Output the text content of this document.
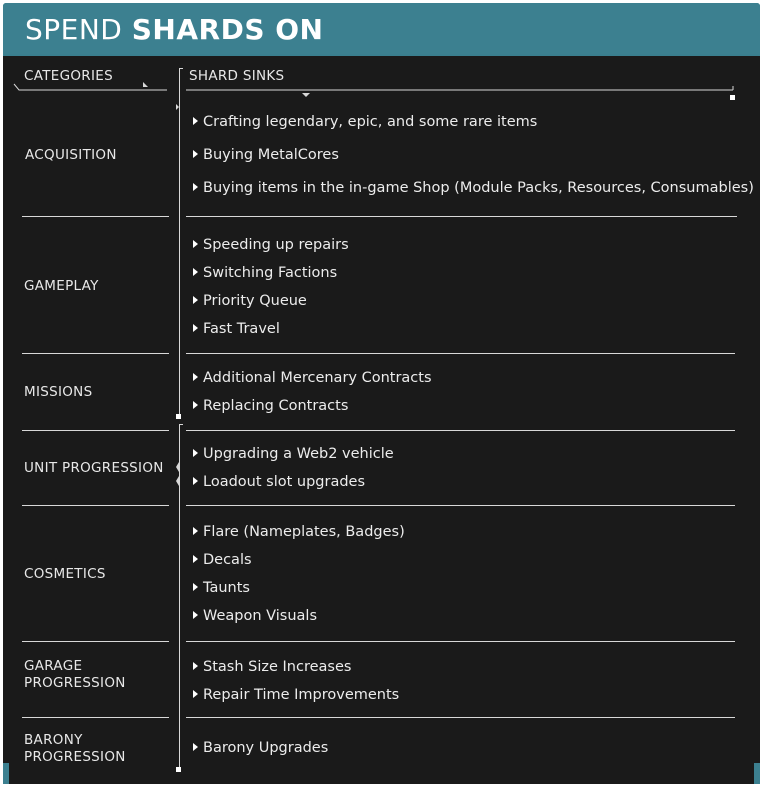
SPEND SHARDS ON
CATEGORIES	SHARD SINKS
ACQUISITION
GAMEPLAY
MISSIONS
UNIT PROGRESSION
COSMETICS
GARAGE
PROGRESSION
BARONY
PROGRESSION
Crafting legendary, epic, and some rare items
Buying MetalCores
Buying items in the in-game Shop (Module Packs, Resources, Consumables)
Speeding up repairs
Switching Factions
Priority Queue
Fast Travel
Additional Mercenary Contracts
Replacing Contracts
Upgrading a Web2 vehicle
Loadout slot upgrades
Flare (Nameplates, Badges)
Decals
Taunts
Weapon Visuals
Stash Size Increases
Repair Time Improvements
Barony Upgrades
